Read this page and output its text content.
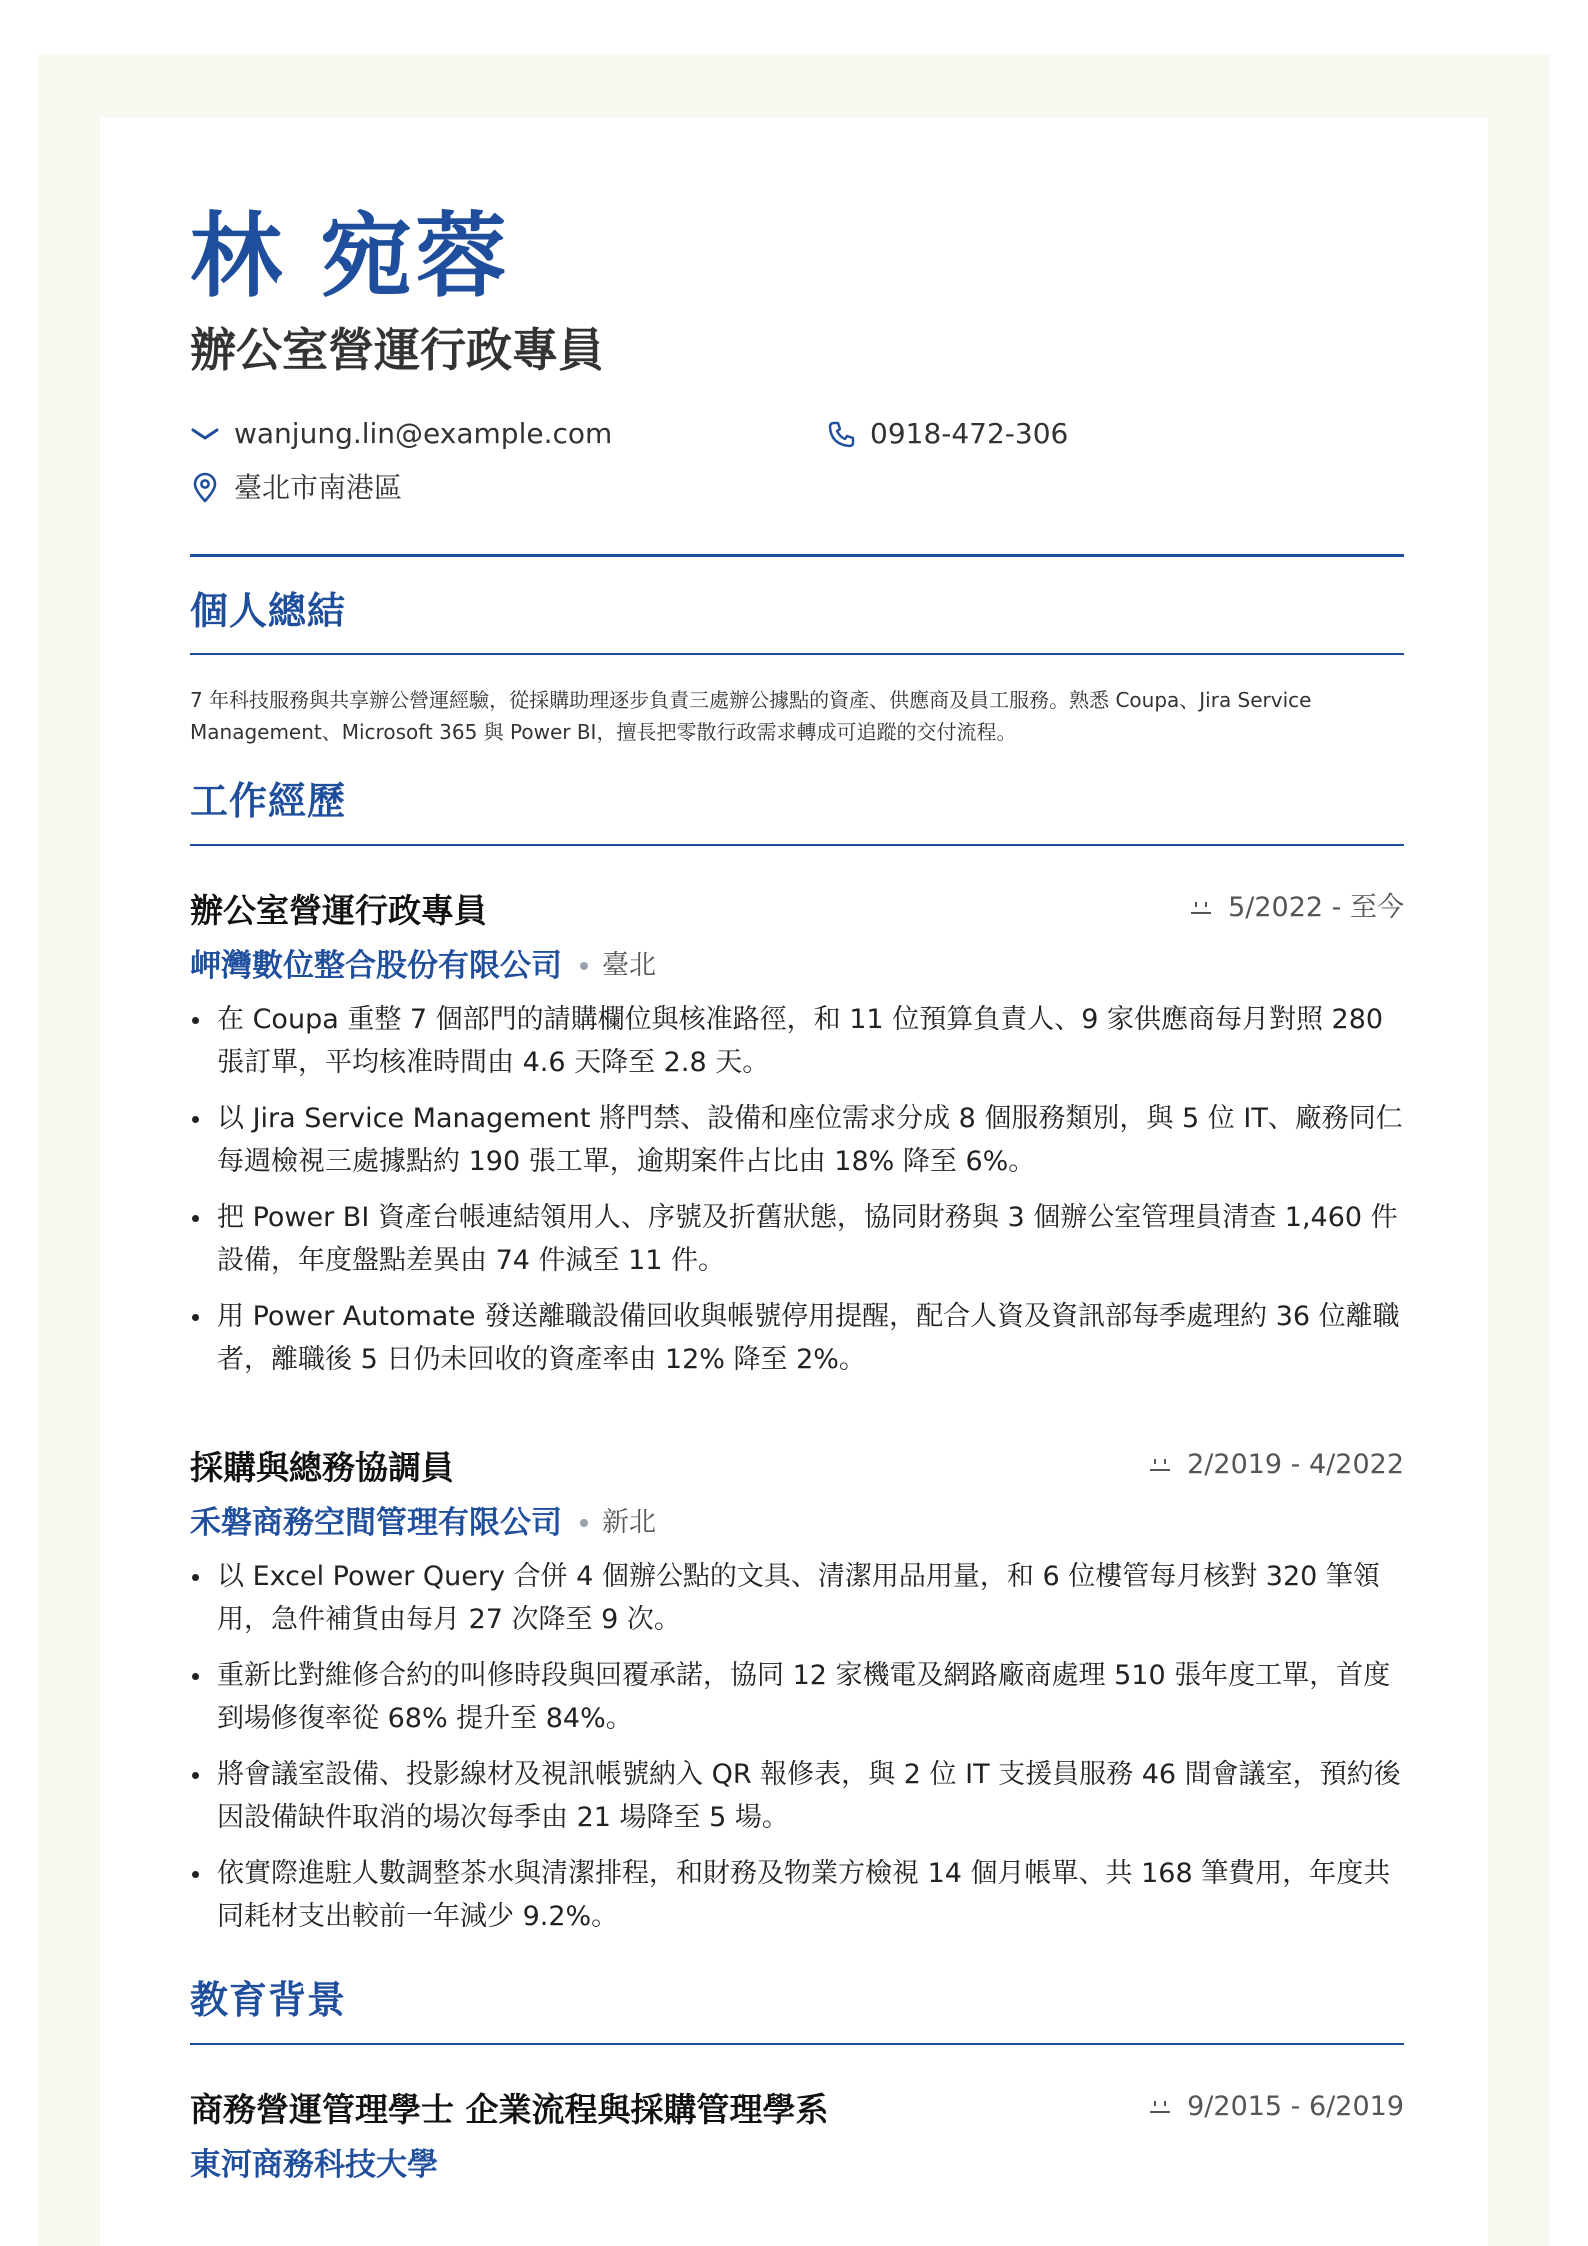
林 宛蓉
辦公室營運行政專員
wanjung.lin@example.com	0918-472-306
臺北市南港區
個人總結
7 年科技服務與共享辦公營運經驗，從採購助理逐步負責三處辦公據點的資產、供應商及員工服務。熟悉 Coupa、Jira Service Management、Microsoft 365 與 Power BI，擅長把零散行政需求轉成可追蹤的交付流程。
工作經歷
辦公室營運行政專員	5/2022 - 至今
岬灣數位整合股份有限公司 臺北
在 Coupa 重整 7 個部門的請購欄位與核准路徑，和 11 位預算負責人、9 家供應商每月對照 280 張訂單，平均核准時間由 4.6 天降至 2.8 天。
以 Jira Service Management 將門禁、設備和座位需求分成 8 個服務類別，與 5 位 IT、廠務同仁每週檢視三處據點約 190 張工單，逾期案件占比由 18% 降至 6%。
把 Power BI 資產台帳連結領用人、序號及折舊狀態，協同財務與 3 個辦公室管理員清查 1,460 件設備，年度盤點差異由 74 件減至 11 件。
用 Power Automate 發送離職設備回收與帳號停用提醒，配合人資及資訊部每季處理約 36 位離職者，離職後 5 日仍未回收的資產率由 12% 降至 2%。
採購與總務協調員	2/2019 - 4/2022
禾磐商務空間管理有限公司 新北
以 Excel Power Query 合併 4 個辦公點的文具、清潔用品用量，和 6 位樓管每月核對 320 筆領用，急件補貨由每月 27 次降至 9 次。
重新比對維修合約的叫修時段與回覆承諾，協同 12 家機電及網路廠商處理 510 張年度工單，首度到場修復率從 68% 提升至 84%。
將會議室設備、投影線材及視訊帳號納入 QR 報修表，與 2 位 IT 支援員服務 46 間會議室，預約後因設備缺件取消的場次每季由 21 場降至 5 場。
依實際進駐人數調整茶水與清潔排程，和財務及物業方檢視 14 個月帳單、共 168 筆費用，年度共同耗材支出較前一年減少 9.2%。
教育背景
商務營運管理學士 企業流程與採購管理學系	9/2015 - 6/2019
東河商務科技大學
